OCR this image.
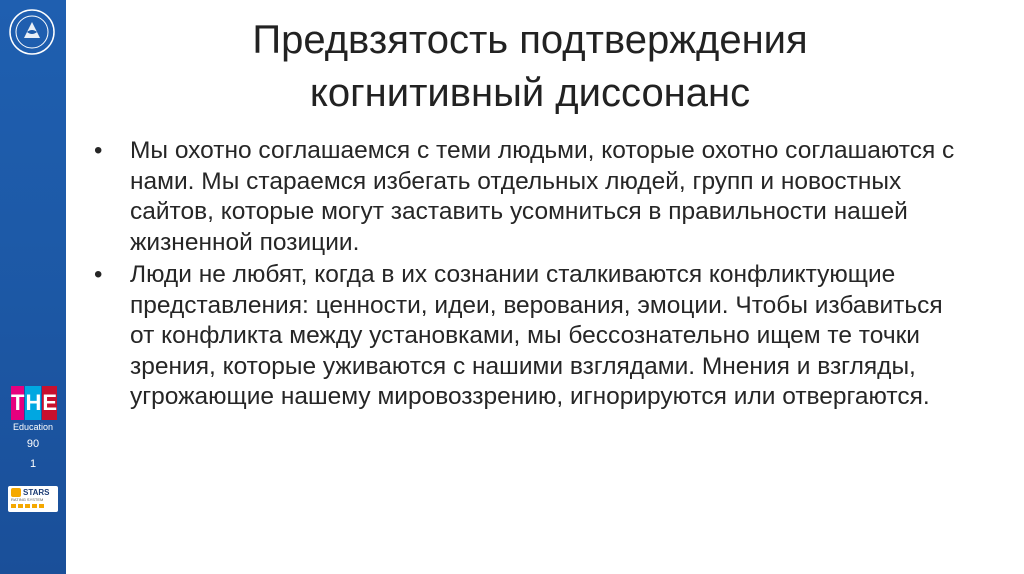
T H E
Education
90
1
STARS
RATING SYSTEM
Предвзятость подтверждения
когнитивный диссонанс
• Мы охотно соглашаемся с теми людьми, которые охотно соглашаются с нами. Мы стараемся избегать отдельных людей, групп и новостных сайтов, которые могут заставить усомниться в правильности нашей жизненной позиции.
• Люди не любят, когда в их сознании сталкиваются конфликтующие представления: ценности, идеи, верования, эмоции. Чтобы избавиться от конфликта между установками, мы бессознательно ищем те точки зрения, которые уживаются с нашими взглядами. Мнения и взгляды, угрожающие нашему мировоззрению, игнорируются или отвергаются.
